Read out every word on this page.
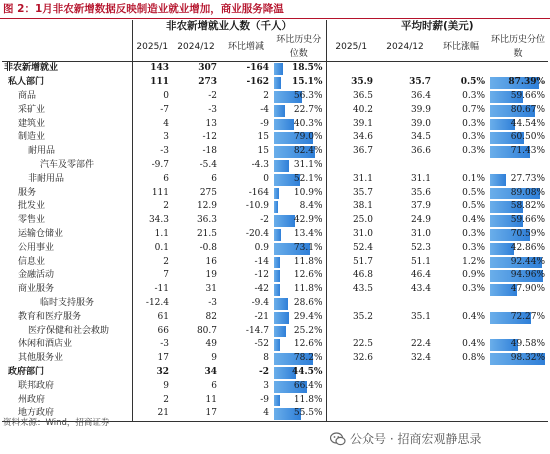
图 2：1月非农新增数据反映制造业就业增加，商业服务降温
	非农新增就业人数（千人）				平均时薪(美元)			
	2025/1	2024/12	环比增减	环比历史分位数	2025/1	2024/12	环比涨幅	环比历史分位数
非农新增就业	143	307	-164	18.5%				

私人部门	111	273	-162	15.1%	35.9	35.7	0.5%	87.39%

商品	0	-2	2	56.3%	36.5	36.4	0.3%	59.66%

采矿业	-7	-3	-4	22.7%	40.2	39.9	0.7%	80.67%

建筑业	4	13	-9	40.3%	39.1	39.0	0.3%	44.54%

制造业	3	-12	15	79.0%	34.6	34.5	0.3%	60.50%

耐用品	-3	-18	15	82.4%	36.7	36.6	0.3%	71.43%

汽车及零部件	-9.7	-5.4	-4.3	31.1%				

非耐用品	6	6	0	52.1%	31.1	31.1	0.1%	27.73%

服务	111	275	-164	10.9%	35.7	35.6	0.5%	89.08%

批发业	2	12.9	-10.9	8.4%	38.1	37.9	0.5%	58.82%

零售业	34.3	36.3	-2	42.9%	25.0	24.9	0.4%	59.66%

运输仓储业	1.1	21.5	-20.4	13.4%	31.0	31.0	0.3%	70.59%

公用事业	0.1	-0.8	0.9	73.1%	52.4	52.3	0.3%	42.86%

信息业	2	16	-14	11.8%	51.7	51.1	1.2%	92.44%

金融活动	7	19	-12	12.6%	46.8	46.4	0.9%	94.96%

商业服务	-11	31	-42	11.8%	43.5	43.4	0.3%	47.90%

临时支持服务	-12.4	-3	-9.4	28.6%				

教育和医疗服务	61	82	-21	29.4%	35.2	35.1	0.4%	72.27%

医疗保健和社会救助	66	80.7	-14.7	25.2%				

休闲和酒店业	-3	49	-52	12.6%	22.5	22.4	0.4%	49.58%

其他服务业	17	9	8	78.2%	32.6	32.4	0.8%	98.32%

政府部门	32	34	-2	44.5%				

联邦政府	9	6	3	66.4%				

州政府	2	11	-9	11.8%				

地方政府	21	17	4	55.5%				

资料来源：Wind，招商证券
公众号 · 招商宏观静思录
